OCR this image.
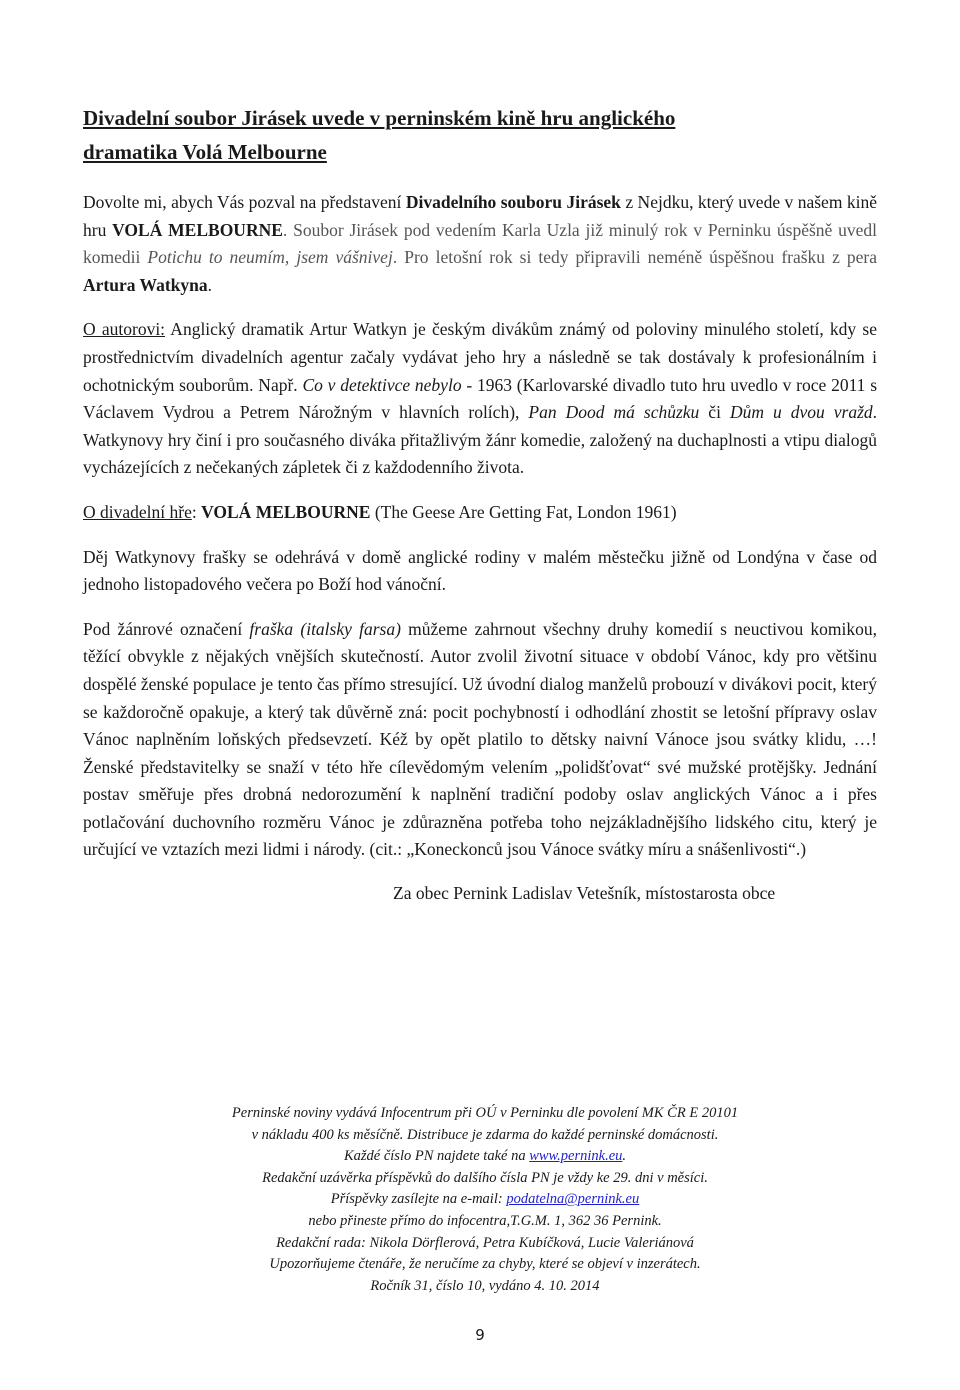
Divadelní soubor Jirásek uvede v perninském kině hru anglického
dramatika Volá Melbourne

Dovolte mi, abych Vás pozval na představení Divadelního souboru Jirásek z Nejdku, který uvede v našem kině hru VOLÁ MELBOURNE. Soubor Jirásek pod vedením Karla Uzla již minulý rok v Perninku úspěšně uvedl komedii Potichu to neumím, jsem vášnivej. Pro letošní rok si tedy připravili neméně úspěšnou frašku z pera Artura Watkyna.

O autorovi: Anglický dramatik Artur Watkyn je českým divákům známý od poloviny minulého století, kdy se prostřednictvím divadelních agentur začaly vydávat jeho hry a následně se tak dostávaly k profesionálním i ochotnickým souborům. Např. Co v detektivce nebylo - 1963 (Karlovarské divadlo tuto hru uvedlo v roce 2011 s Václavem Vydrou a Petrem Nárožným v hlavních rolích), Pan Dood má schůzku či Dům u dvou vražd. Watkynovy hry činí i pro současného diváka přitažlivým žánr komedie, založený na duchaplnosti a vtipu dialogů vycházejících z nečekaných zápletek či z každodenního života.

O divadelní hře: VOLÁ MELBOURNE (The Geese Are Getting Fat, London 1961)

Děj Watkynovy frašky se odehrává v domě anglické rodiny v malém městečku jižně od Londýna v čase od jednoho listopadového večera po Boží hod vánoční.

Pod žánrové označení fraška (italsky farsa) můžeme zahrnout všechny druhy komedií s neuctivou komikou, těžící obvykle z nějakých vnějších skutečností. Autor zvolil životní situace v období Vánoc, kdy pro většinu dospělé ženské populace je tento čas přímo stresující. Už úvodní dialog manželů probouzí v divákovi pocit, který se každoročně opakuje, a který tak důvěrně zná: pocit pochybností i odhodlání zhostit se letošní přípravy oslav Vánoc naplněním loňských předsevzetí. Kéž by opět platilo to dětsky naivní Vánoce jsou svátky klidu, …! Ženské představitelky se snaží v této hře cílevědomým velením „polidšťovat“ své mužské protějšky. Jednání postav směřuje přes drobná nedorozumění k naplnění tradiční podoby oslav anglických Vánoc a i přes potlačování duchovního rozměru Vánoc je zdůrazněna potřeba toho nejzákladnějšího lidského citu, který je určující ve vztazích mezi lidmi i národy. (cit.: „Koneckonců jsou Vánoce svátky míru a snášenlivosti“.)

Za obec Pernink Ladislav Vetešník, místostarosta obce

Perninské noviny vydává Infocentrum při OÚ v Perninku dle povolení MK ČR E 20101
v nákladu 400 ks měsíčně. Distribuce je zdarma do každé perninské domácnosti.
Každé číslo PN najdete také na www.pernink.eu.
Redakční uzávěrka příspěvků do dalšího čísla PN je vždy ke 29. dni v měsíci.
Příspěvky zasílejte na e-mail: podatelna@pernink.eu
nebo přineste přímo do infocentra,T.G.M. 1, 362 36 Pernink.
Redakční rada: Nikola Dörflerová, Petra Kubíčková, Lucie Valeriánová
Upozorňujeme čtenáře, že neručíme za chyby, které se objeví v inzerátech.
Ročník 31, číslo 10, vydáno 4. 10. 2014
9
